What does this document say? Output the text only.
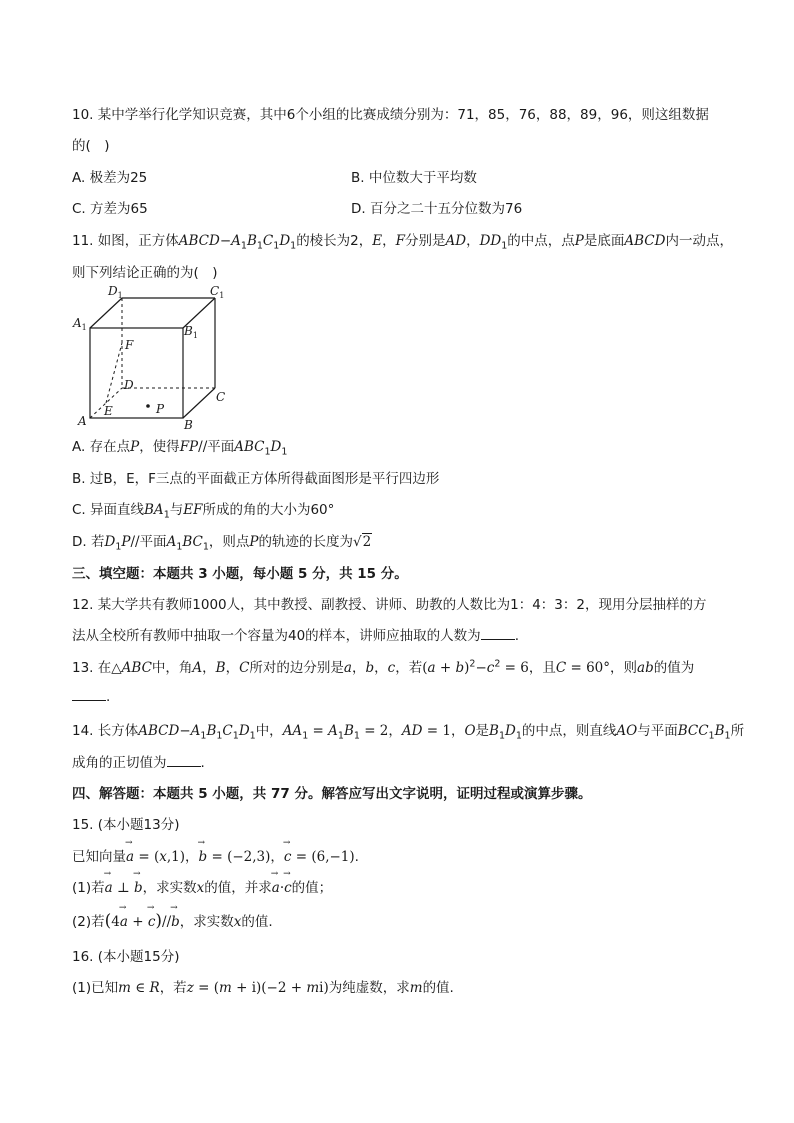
10. 某中学举行化学知识竞赛，其中6个小组的比赛成绩分别为：71，85，76，88，89，96，则这组数据
的(　)
A. 极差为25	B. 中位数大于平均数
C. 方差为65	D. 百分之二十五分位数为76
11. 如图，正方体$ABCD-A_1B_1C_1D_1$的棱长为2，E，F分别是AD，$DD_1$的中点，点P是底面ABCD内一动点，
则下列结论正确的为(　)
$D_1$	$C_1$
$A_1$	$B_1$
F
D
C
A
E	P
B
A. 存在点P，使得FP//平面$ABC_1D_1$
B. 过B，E，F三点的平面截正方体所得截面图形是平行四边形
C. 异面直线$BA_1$与EF所成的角的大小为60°
D. 若$D_1P//$平面$A_1BC_1$，则点P的轨迹的长度为√2
三、填空题：本题共 3 小题，每小题 5 分，共 15 分。
12. 某大学共有教师1000人，其中教授、副教授、讲师、助教的人数比为1：4：3：2，现用分层抽样的方
法从全校所有教师中抽取一个容量为40的样本，讲师应抽取的人数为	.
13. 在△ABC中，角A，B，C所对的边分别是a，b，c，若$(a + b)^2-c^2 = 6$，且C = 60°，则ab的值为
.
14. 长方体$ABCD-A_1B_1C_1D_1$中，$AA_1 = A_1B_1 = 2$，AD = 1，O是$B_1D_1$的中点，则直线AO与平面$BCC_1B_1$所
成角的正切值为	.
四、解答题：本题共 5 小题，共 77 分。解答应写出文字说明，证明过程或演算步骤。
15. (本小题13分)
已知向量→ a = (x,1)，→ b = (−2,3)，→ c = (6,−1).
(1)若→ a ⊥ → b，求实数x的值，并求→ a·→ c的值；
(2)若(4→ a + → c)//→ b，求实数x的值.
16. (本小题15分)
(1)已知m ∈ R，若z = (m + i)(−2 + mi)为纯虚数，求m的值.
